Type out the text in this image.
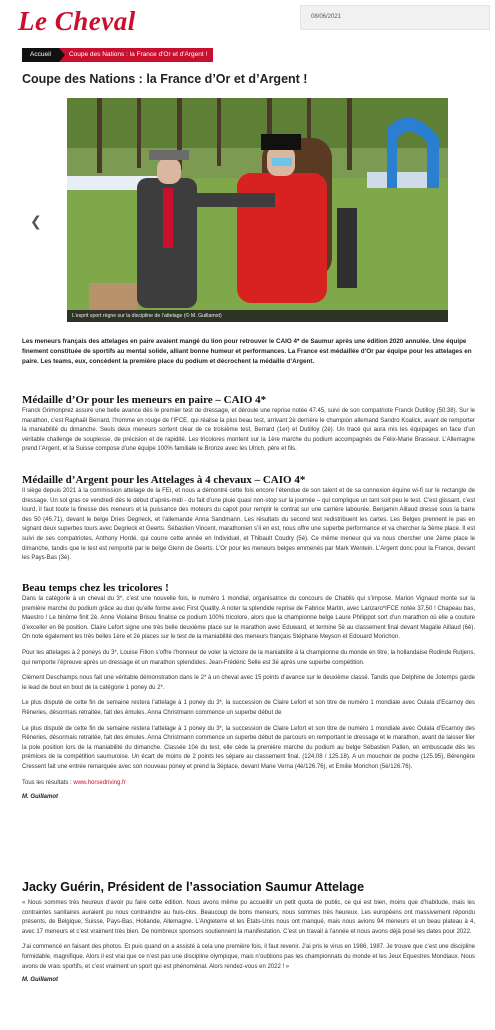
Le Cheval	08/06/2021
Accueil	Coupe des Nations : la France d'Or et d'Argent !
Coupe des Nations : la France d’Or et d’Argent !
❮
L’esprit sport règne sur la discipline de l’attelage (© M. Guillamot)

Les meneurs français des attelages en paire avaient mangé du lion pour retrouver le CAIO 4* de Saumur après une édition 2020 annulée. Une équipe finement constituée de sportifs au mental solide, alliant bonne humeur et performances. La France est médaillée d’Or par équipe pour les attelages en paire. Les teams, eux, concèdent la première place du podium et décrochent la médaille d’Argent.

Médaille d’Or pour les meneurs en paire – CAIO 4*

Franck Grimonprez assure une belle avance dès le premier test de dressage, et déroule une reprise notée 47.45, suivi de son compatriote Franck Dutilloy (50.38). Sur le marathon, c’est Raphaël Berrard, l’homme en rouge de l’IFCE, qui réalise la plus beau test, arrivant 2è derrière le champion allemand Sandro Koalick, avant de remporter la maniabilité du dimanche. Seuls deux meneurs sortent clear de ce troisième test, Berrard (1er) et Dutilloy (2è). Un tracé qui aura mis les équipages en face d’un véritable challenge de souplesse, de précision et de rapidité. Les tricolores montent sur la 1ère marche du podium accompagnés de Félix-Marie Brasseur. L’Allemagne prend l’Argent, et la Suisse compose d’une équipe 100% familiale le Bronze avec les Ulrich, père et fils.

Médaille d’Argent pour les Attelages à 4 chevaux – CAIO 4*

Il siège depuis 2021 à la commission attelage de la FEI, et nous a démontré cette fois encore l’étendue de son talent et de sa connexion équine wi-fi sur le rectangle de dressage. Un sol gras ce vendredi dès le début d’après-midi - du fait d’une pluie quasi non-stop sur la journée – qui complique un tant soit peu le test. C’est glissant, c’est lourd, il faut toute la finesse des meneurs et la puissance des moteurs du capot pour remplir le contrat sur une carrière labourée. Benjamin Aillaud dresse sous la barre des 50 (46.71), devant le belge Dries Degrieck, et l’allemande Anna Sandmann. Les résultats du second test redistribuent les cartes. Les Belges prennent le pas en signant deux superbes tours avec Degrieck et Geerts. Sébastien Vincent, marathonien s’il en est, nous offre une superbe performance et va chercher la 3ème place. Il est suivi de ses compatriotes, Anthony Hordé, qui courre cette année en Individuel, et Thibault Coudry (5è). Ce même meneur qui va nous chercher une 2ème place le dimanche, tandis que le test est remporté par le belge Glenn de Geerts. L’Or pour les meneurs belges emmenés par Mark Wentein. L’Argent donc pour la France, devant les Pays-Bas (3è).

Beau temps chez les tricolores !

Dans la catégorie à un cheval du 3*, c’est une nouvelle fois, le numéro 1 mondial, organisatrice du concours de Chablis qui s’impose. Marion Vignaud monte sur la première marche du podium grâce au duo qu’elle forme avec First Quality. A noter la splendide reprise de Fabrice Martin, avec Lanzaro*IFCE notée 37,50 ! Chapeau bas, Maestro ! Le binôme finit 2è. Anne Violaine Brisou finalise ce podium 100% tricolore, alors que la championne belge Laure Philippot sort d’un marathon où elle a couture d’exceller en 8è position. Claire Lefort signe une très belle deuxième place sur le marathon avec Eduward, et termine 5è au classement final devant Magalie Aillaud (6è). On note également les très belles 1ère et 2è places sur le test de la maniabilité des meneurs français Stéphane Meyson et Edouard Morichon.

Pour les attelages à 2 poneys du 3*, Louise Fillon s’offre l’honneur de voler la victoire de la maniabilité à la championne du monde en titre, la hollandaise Rodinde Rutjens, qui remporte l’épreuve après un dressage et un marathon splendides. Jean-Frédéric Selle est 3è après une superbe compétition.

Clément Deschamps nous fait une véritable démonstration dans le 2* à un cheval avec 15 points d’avance sur le deuxième classé. Tandis que Delphine de Jotemps garde le lead de bout en bout de la catégorie 1 poney du 2*.

Le plus disputé de cette fin de semaine restera l’attelage à 1 poney du 3*, la succession de Claire Lefort et son titre de numéro 1 mondiale avec Oulala d’Ecarnoy des Rêneries, désormais retraitée, fait des émules. Anna Christmann commence un superbe début de

Le plus disputé de cette fin de semaine restera l’attelage à 1 poney du 3*, la succession de Claire Lefort et son titre de numéro 1 mondiale avec Oulala d’Ecarnoy des Rêneries, désormais retraitée, fait des émules. Anna Christmann commence un superbe début de parcours en remportant le dressage et le marathon, avant de laisser filer la pole position lors de la maniabilité du dimanche. Classée 10è du test, elle cède la première marche du podium au belge Sébastien Pallen, en embuscade dès les prémices de la compétition saumuroise. Un écart de moins de 2 points les sépare au classement final. (124.08 / 125.18). A un mouchoir de poche (125.95), Bérengère Cressent fait une entrée remarquée avec son nouveau poney et prend la 3èplace, devant Marie Verna (4è/126.76), et Emilie Morichon (5è/126.76).

Tous les résultats : www.horsedriving.fr

M. Guillamot

Jacky Guérin, Président de l’association Saumur Attelage

« Nous sommes très heureux d’avoir pu faire cette édition. Nous avons même pu accueillir un petit quota de public, ce qui est bien, moins que d’habitude, mais les contraintes sanitaires auraient pu nous contraindre au huis-clos. Beaucoup de bons meneurs, nous sommes très heureux. Les européens ont massivement répondu présents, de Belgique, Suisse, Pays-Bas, Hollande, Allemagne. L’Angleterre et les Etats-Unis nous ont manqué, mais nous avions 94 meneurs et un beau plateau à 4, avec 17 meneurs et c’est vraiment très bien. De nombreux sponsors soutiennent la manifestation. C’est un travail à l’année et nous avons déjà posé les dates pour 2022.

J’ai commencé en faisant des photos. Et puis quand on a assisté à cela une première fois, il faut revenir. J’ai pris le virus en 1986, 1987. Je trouve que c’est une discipline formidable, magnifique. Alors il est vrai que ce n’est pas une discipline olympique, mais n’oublions pas les championnats du monde et les Jeux Equestres Mondiaux. Nous avons de vrais sportifs, et c’est vraiment un sport qui est phénoménal. Alors rendez-vous en 2022 ! »

M. Guillamot
